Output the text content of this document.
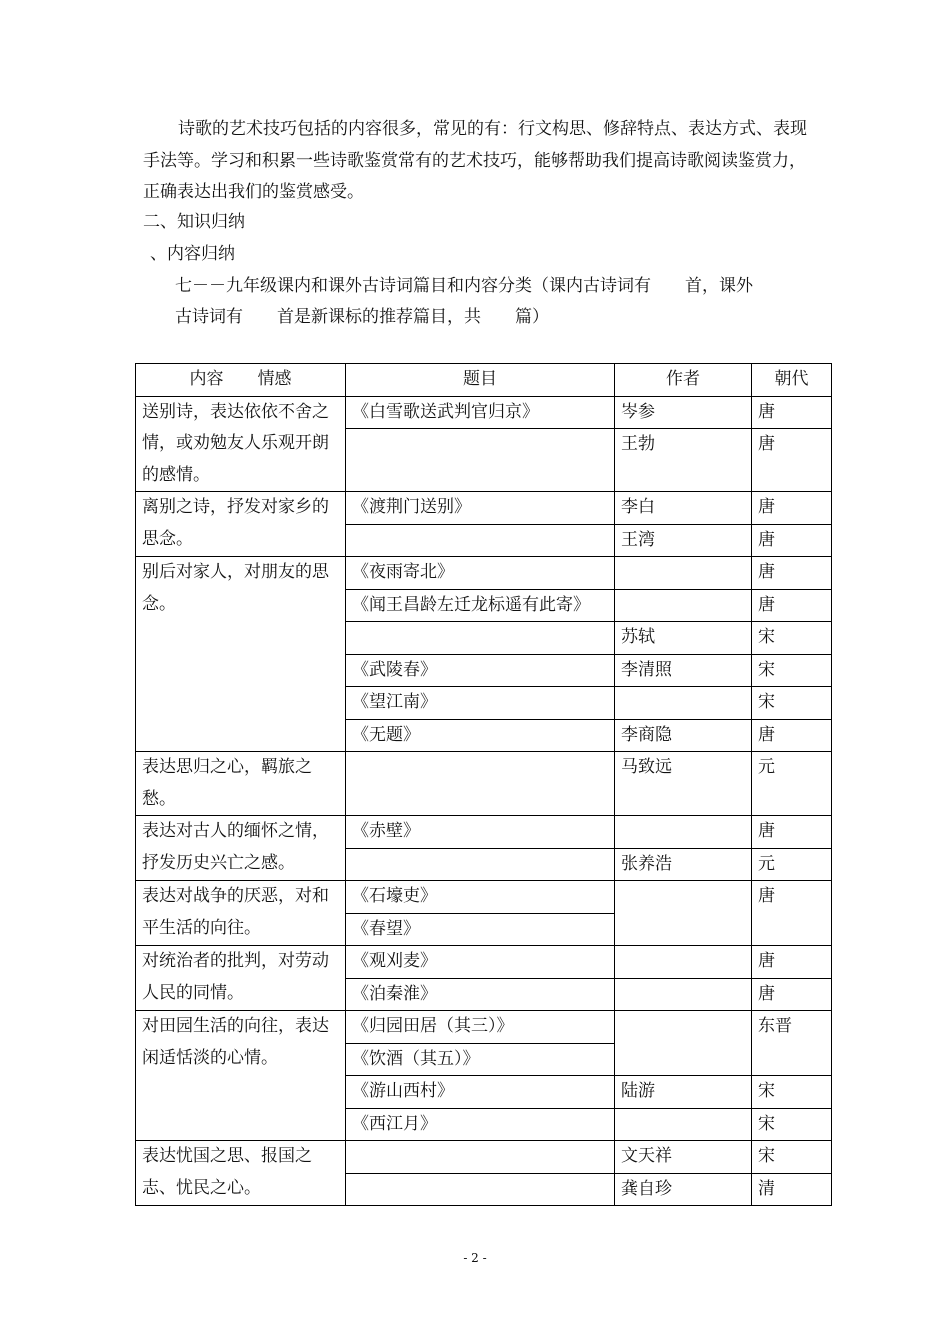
诗歌的艺术技巧包括的内容很多，常见的有：行文构思、修辞特点、表达方式、表现手法等。学习和积累一些诗歌鉴赏常有的艺术技巧，能够帮助我们提高诗歌阅读鉴赏力，正确表达出我们的鉴赏感受。

二、知识归纳
、内容归纳
七－－九年级课内和课外古诗词篇目和内容分类（课内古诗词有　　首，课外
古诗词有　　首是新课标的推荐篇目，共　　篇）
内容　　情感	题目	作者	朝代
送别诗，表达依依不舍之情，或劝勉友人乐观开朗的感情。	《白雪歌送武判官归京》	岑参	唐
		王勃	唐
离别之诗，抒发对家乡的思念。	《渡荆门送别》	李白	唐
		王湾	唐
别后对家人，对朋友的思念。	《夜雨寄北》		唐
	《闻王昌龄左迁龙标遥有此寄》		唐
		苏轼	宋
	《武陵春》	李清照	宋
	《望江南》		宋
	《无题》	李商隐	唐
表达思归之心，羁旅之愁。		马致远	元
表达对古人的缅怀之情，抒发历史兴亡之感。	《赤壁》		唐
		张养浩	元
表达对战争的厌恶，对和平生活的向往。	《石壕吏》		唐
	《春望》		
对统治者的批判，对劳动人民的同情。	《观刈麦》		唐
	《泊秦淮》		唐
对田园生活的向往，表达闲适恬淡的心情。	《归园田居（其三）》		东晋
	《饮酒（其五）》		
	《游山西村》	陆游	宋
	《西江月》		宋
表达忧国之思、报国之志、忧民之心。		文天祥	宋
		龚自珍	清
- 2 -
